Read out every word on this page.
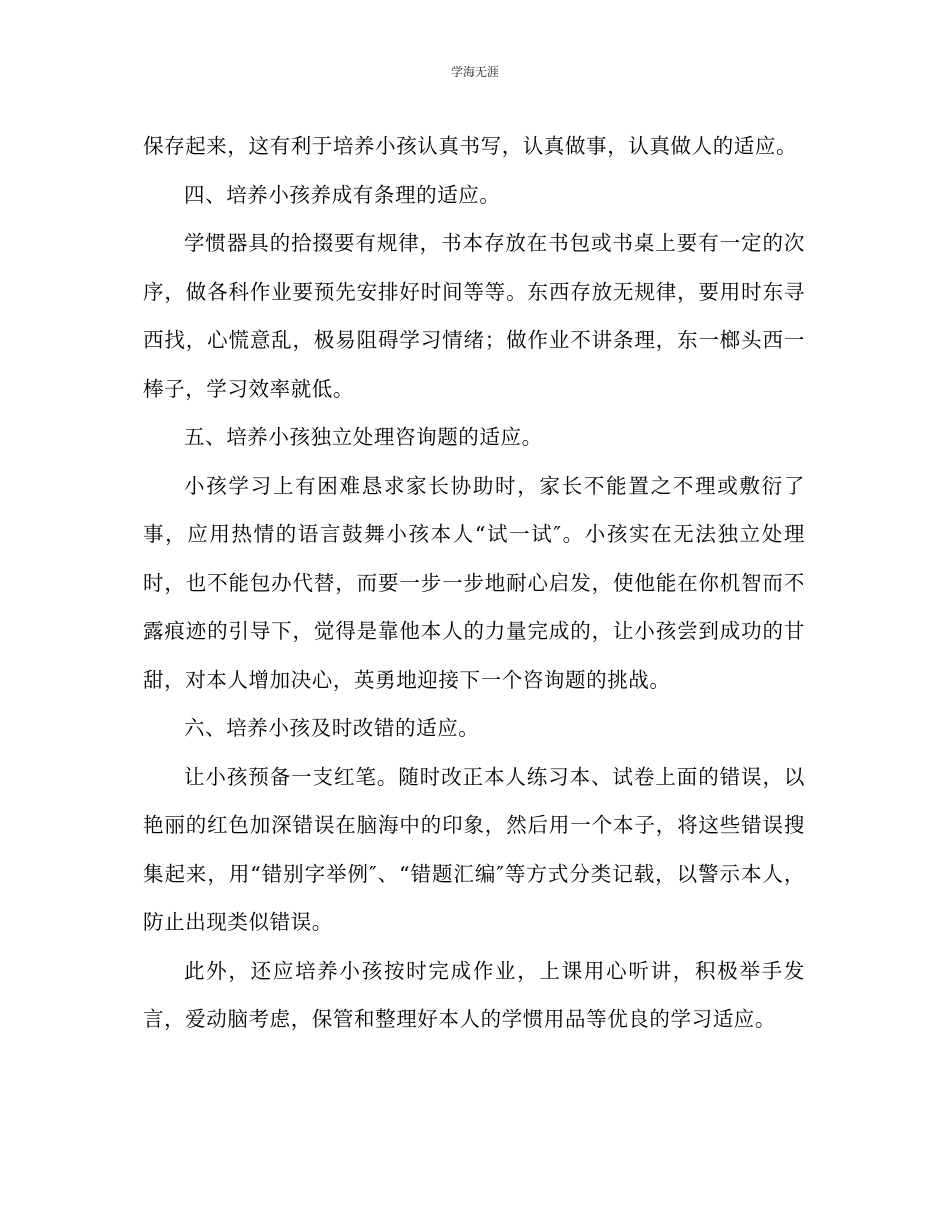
学海无涯

保存起来，这有利于培养小孩认真书写，认真做事，认真做人的适应。

四、培养小孩养成有条理的适应。

学惯器具的拾掇要有规律，书本存放在书包或书桌上要有一定的次序，做各科作业要预先安排好时间等等。东西存放无规律，要用时东寻西找，心慌意乱，极易阻碍学习情绪；做作业不讲条理，东一榔头西一棒子，学习效率就低。

五、培养小孩独立处理咨询题的适应。

小孩学习上有困难恳求家长协助时，家长不能置之不理或敷衍了事，应用热情的语言鼓舞小孩本人“试一试″。小孩实在无法独立处理时，也不能包办代替，而要一步一步地耐心启发，使他能在你机智而不露痕迹的引导下，觉得是靠他本人的力量完成的，让小孩尝到成功的甘甜，对本人增加决心，英勇地迎接下一个咨询题的挑战。

六、培养小孩及时改错的适应。

让小孩预备一支红笔。随时改正本人练习本、试卷上面的错误，以艳丽的红色加深错误在脑海中的印象，然后用一个本子，将这些错误搜集起来，用“错别字举例″、“错题汇编″等方式分类记载，以警示本人，防止出现类似错误。

此外，还应培养小孩按时完成作业，上课用心听讲，积极举手发言，爱动脑考虑，保管和整理好本人的学惯用品等优良的学习适应。
